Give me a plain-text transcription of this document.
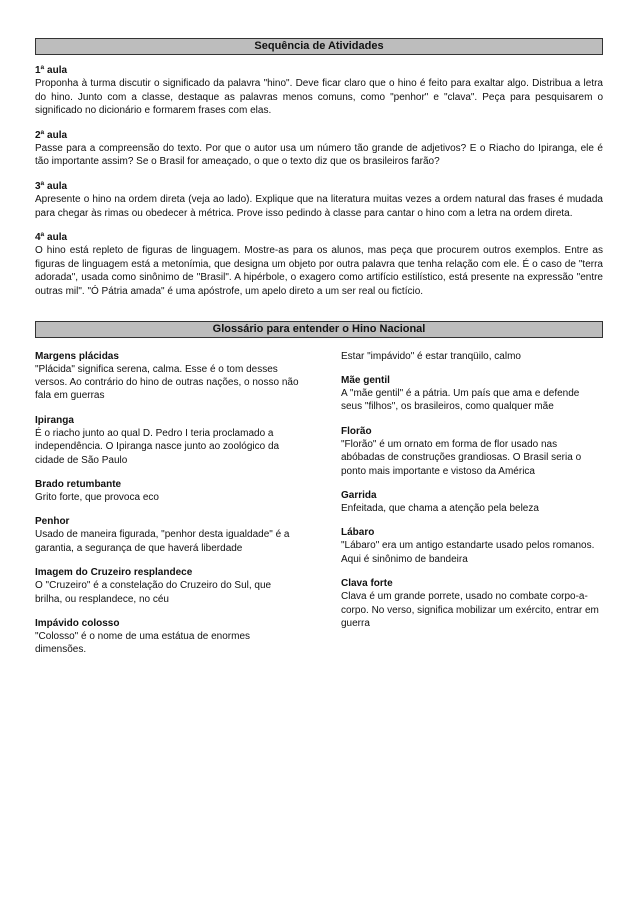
Sequência de Atividades

1ª aula

Proponha à turma discutir o significado da palavra "hino". Deve ficar claro que o hino é feito para exaltar algo. Distribua a letra do hino. Junto com a classe, destaque as palavras menos comuns, como "penhor" e "clava". Peça para pesquisarem o significado no dicionário e formarem frases com elas.

2ª aula

Passe para a compreensão do texto. Por que o autor usa um número tão grande de adjetivos? E o Riacho do Ipiranga, ele é tão importante assim? Se o Brasil for ameaçado, o que o texto diz que os brasileiros farão?

3ª aula

Apresente o hino na ordem direta (veja ao lado). Explique que na literatura muitas vezes a ordem natural das frases é mudada para chegar às rimas ou obedecer à métrica. Prove isso pedindo à classe para cantar o hino com a letra na ordem direta.

4ª aula

O hino está repleto de figuras de linguagem. Mostre-as para os alunos, mas peça que procurem outros exemplos. Entre as figuras de linguagem está a metonímia, que designa um objeto por outra palavra que tenha relação com ele. É o caso de "terra adorada", usada como sinônimo de "Brasil". A hipérbole, o exagero como artifício estilístico, está presente na expressão "entre outras mil". "Ó Pátria amada" é uma apóstrofe, um apelo direto a um ser real ou fictício.

Glossário para entender o Hino Nacional

Margens plácidas

"Plácida" significa serena, calma. Esse é o tom desses versos. Ao contrário do hino de outras nações, o nosso não fala em guerras

Ipiranga

É o riacho junto ao qual D. Pedro I teria proclamado a independência. O Ipiranga nasce junto ao zoológico da cidade de São Paulo

Brado retumbante

Grito forte, que provoca eco

Penhor

Usado de maneira figurada, "penhor desta igualdade" é a garantia, a segurança de que haverá liberdade

Imagem do Cruzeiro resplandece

O "Cruzeiro" é a constelação do Cruzeiro do Sul, que brilha, ou resplandece, no céu

Impávido colosso

"Colosso" é o nome de uma estátua de enormes dimensões.

Estar "impávido" é estar tranqüilo, calmo

Mãe gentil

A "mãe gentil" é a pátria. Um país que ama e defende seus "filhos", os brasileiros, como qualquer mãe

Florão

"Florão" é um ornato em forma de flor usado nas abóbadas de construções grandiosas. O Brasil seria o ponto mais importante e vistoso da América

Garrida

Enfeitada, que chama a atenção pela beleza

Lábaro

"Lábaro" era um antigo estandarte usado pelos romanos. Aqui é sinônimo de bandeira

Clava forte

Clava é um grande porrete, usado no combate corpo-a-corpo. No verso, significa mobilizar um exército, entrar em guerra
